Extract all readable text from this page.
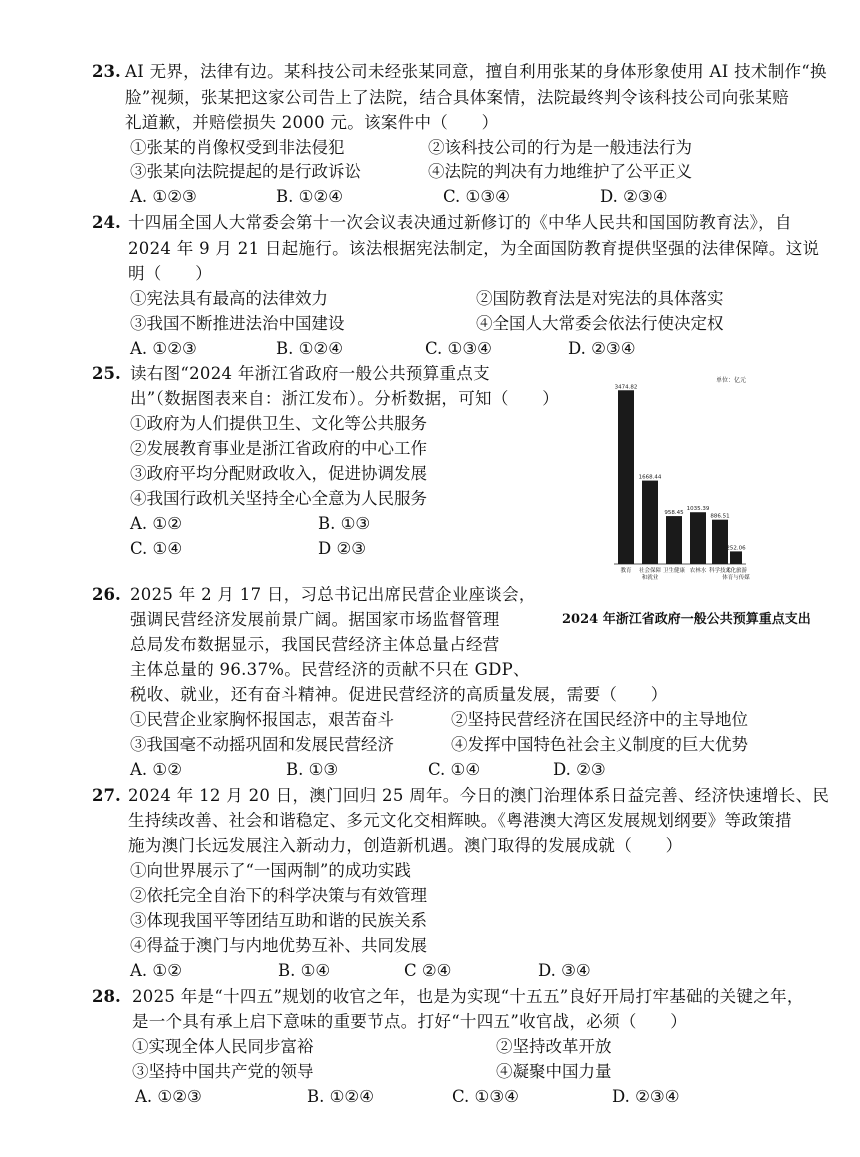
23. AI 无界，法律有边。某科技公司未经张某同意，擅自利用张某的身体形象使用 AI 技术制作“换
脸”视频，张某把这家公司告上了法院，结合具体案情，法院最终判令该科技公司向张某赔
礼道歉，并赔偿损失 2000 元。该案件中（　　）
①张某的肖像权受到非法侵犯	②该科技公司的行为是一般违法行为
③张某向法院提起的是行政诉讼	④法院的判决有力地维护了公平正义
A. ①②③	B. ①②④	C. ①③④	D. ②③④
24. 十四届全国人大常委会第十一次会议表决通过新修订的《中华人民共和国国防教育法》，自
2024 年 9 月 21 日起施行。该法根据宪法制定，为全面国防教育提供坚强的法律保障。这说
明（　　）
①宪法具有最高的法律效力	②国防教育法是对宪法的具体落实
③我国不断推进法治中国建设	④全国人大常委会依法行使决定权
A. ①②③	B. ①②④	C. ①③④	D. ②③④
25. 读右图“2024 年浙江省政府一般公共预算重点支
出”（数据图表来自：浙江发布）。分析数据，可知（　　）
①政府为人们提供卫生、文化等公共服务
②发展教育事业是浙江省政府的中心工作
③政府平均分配财政收入，促进协调发展
④我国行政机关坚持全心全意为人民服务
A. ①②	B. ①③
C. ①④	D ②③
单位：亿元
3474.82
教育
1668.44
社会保障
和就业
958.45
卫生健康
1035.39
农林水
886.51
科学技术
252.06
文化旅游
体育与传媒
2024 年浙江省政府一般公共预算重点支出
26. 2025 年 2 月 17 日，习总书记出席民营企业座谈会，
强调民营经济发展前景广阔。据国家市场监督管理
总局发布数据显示，我国民营经济主体总量占经营
主体总量的 96.37%。民营经济的贡献不只在 GDP、
税收、就业，还有奋斗精神。促进民营经济的高质量发展，需要（　　）
①民营企业家胸怀报国志，艰苦奋斗	②坚持民营经济在国民经济中的主导地位
③我国毫不动摇巩固和发展民营经济	④发挥中国特色社会主义制度的巨大优势
A. ①②	B. ①③	C. ①④	D. ②③
27. 2024 年 12 月 20 日，澳门回归 25 周年。今日的澳门治理体系日益完善、经济快速增长、民
生持续改善、社会和谐稳定、多元文化交相辉映。《粤港澳大湾区发展规划纲要》等政策措
施为澳门长远发展注入新动力，创造新机遇。澳门取得的发展成就（　　）
①向世界展示了“一国两制”的成功实践
②依托完全自治下的科学决策与有效管理
③体现我国平等团结互助和谐的民族关系
④得益于澳门与内地优势互补、共同发展
A. ①②	B. ①④	C ②④	D. ③④
28. 2025 年是“十四五”规划的收官之年，也是为实现“十五五”良好开局打牢基础的关键之年，
是一个具有承上启下意味的重要节点。打好“十四五”收官战，必须（　　）
①实现全体人民同步富裕	②坚持改革开放
③坚持中国共产党的领导	④凝聚中国力量
A. ①②③	B. ①②④	C. ①③④	D. ②③④
